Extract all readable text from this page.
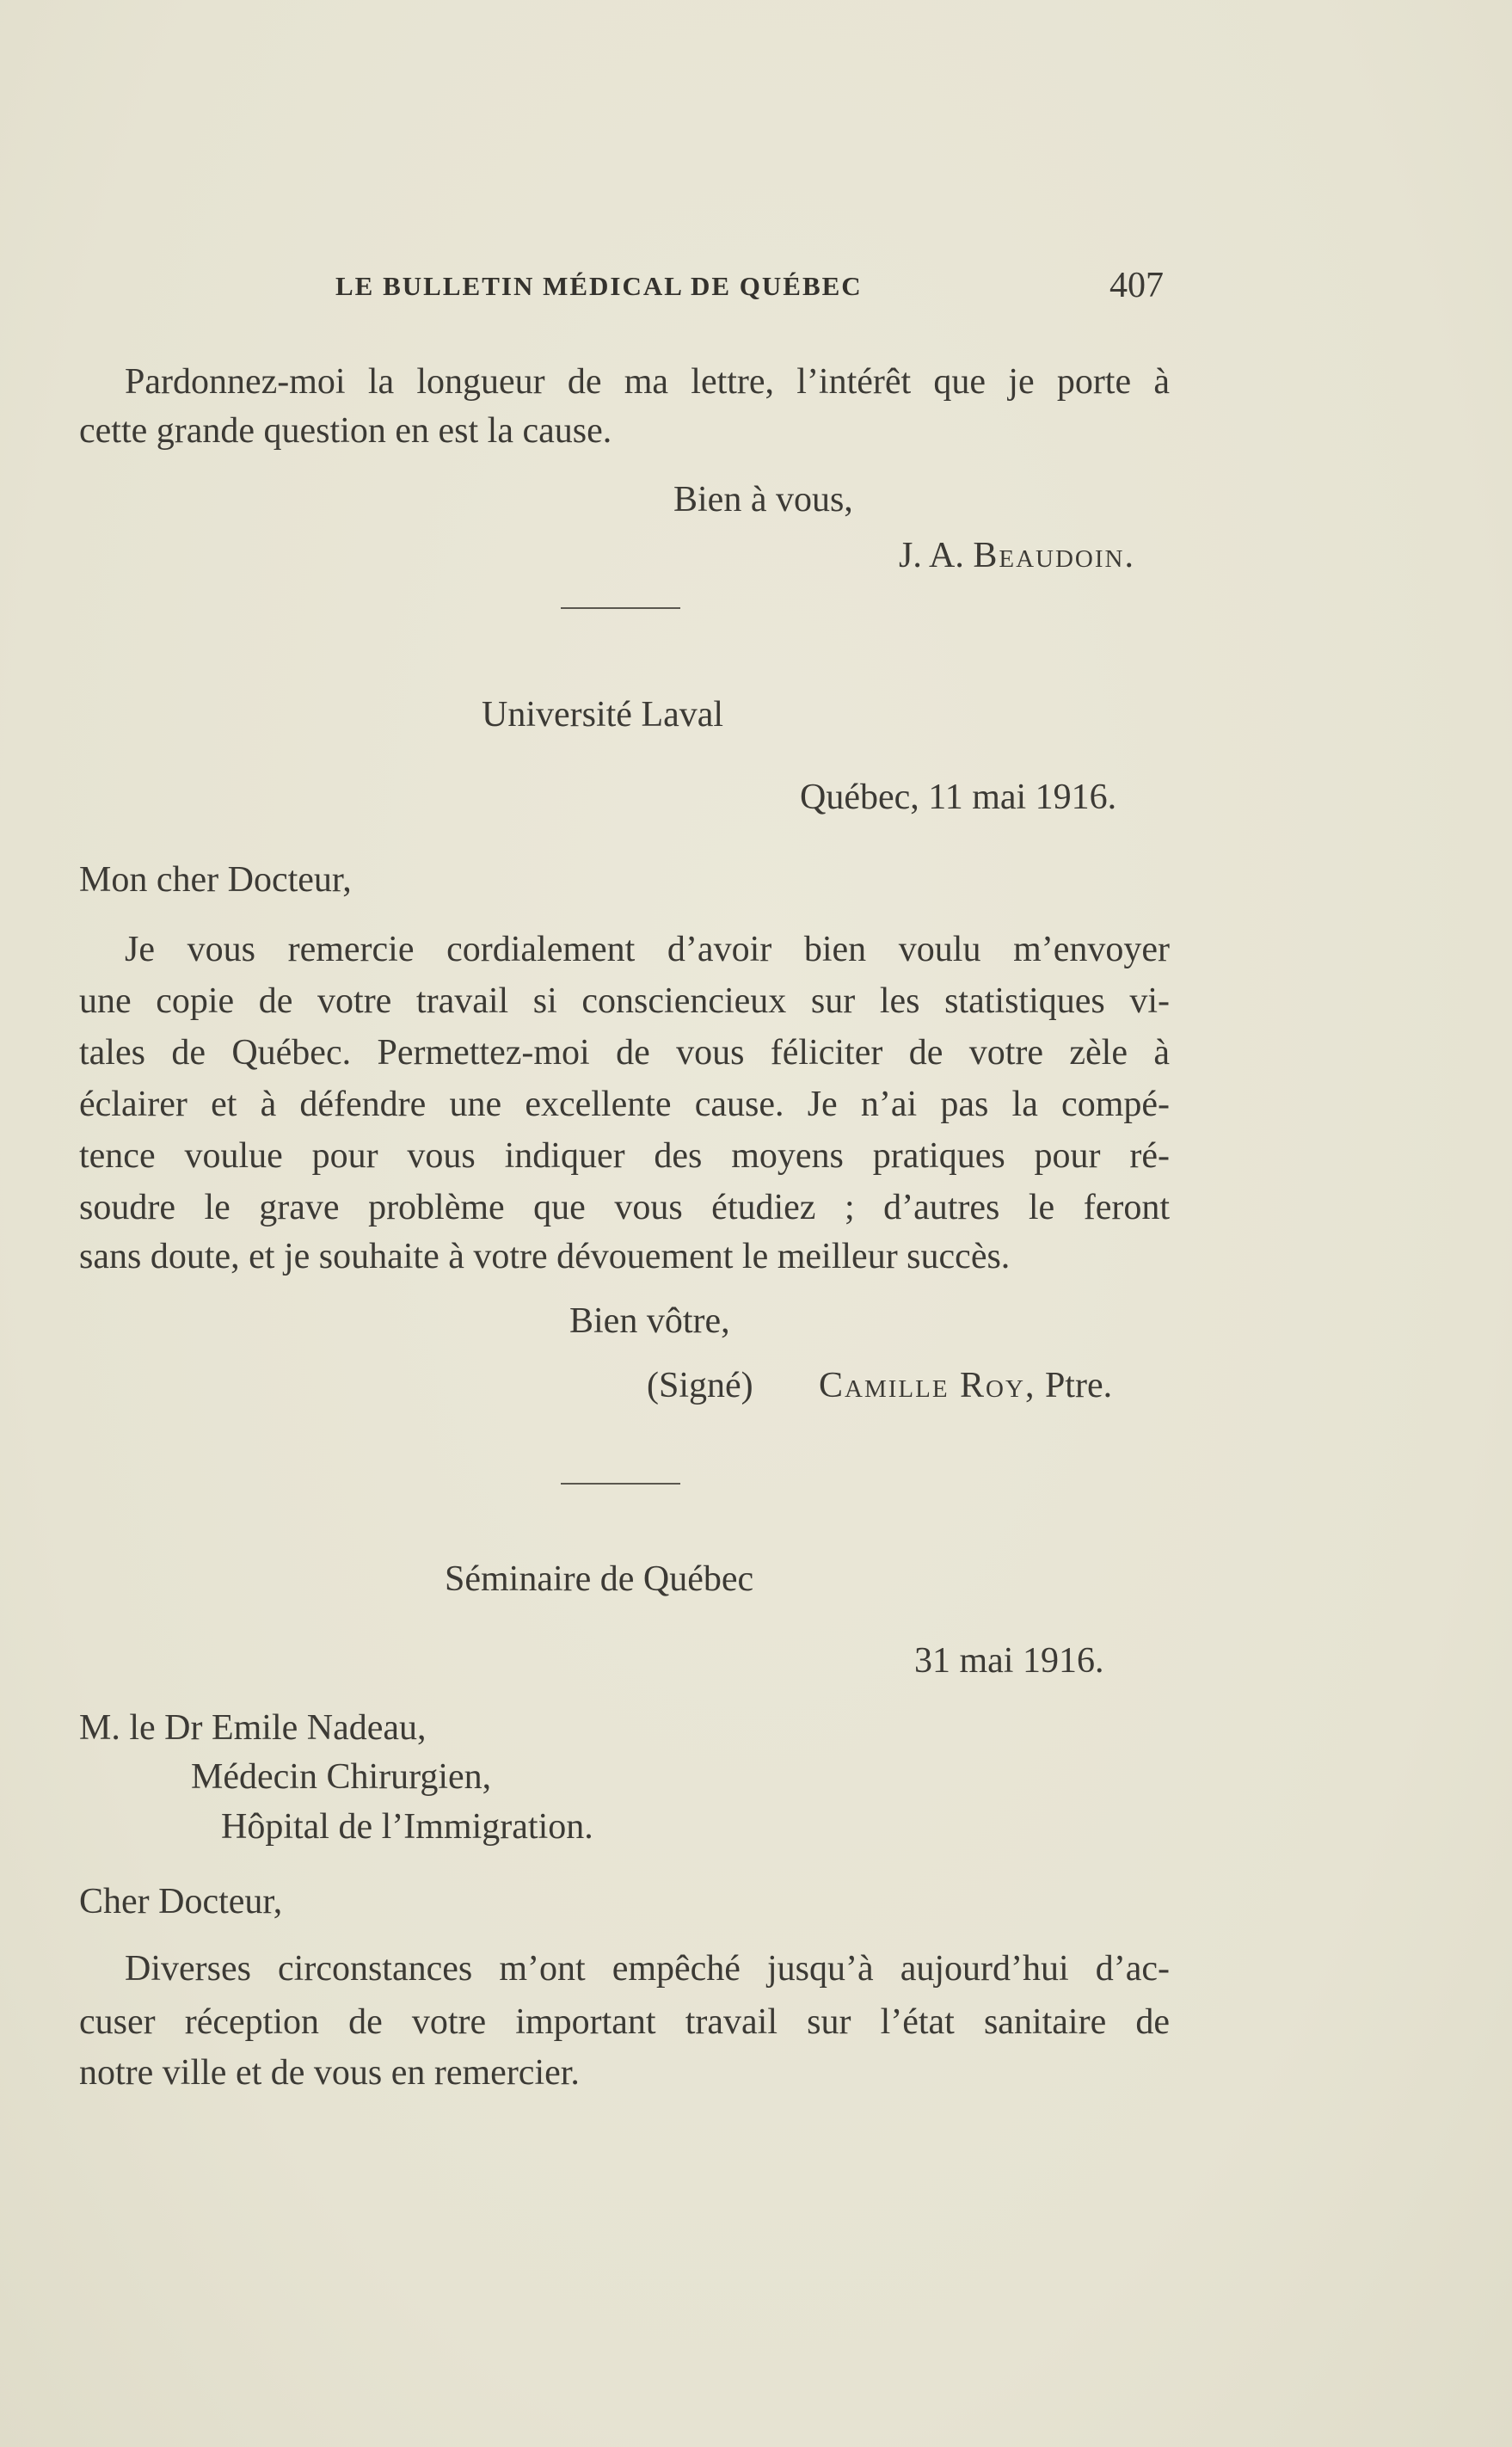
LE BULLETIN MÉDICAL DE QUÉBEC	407
Pardonnez-moi la longueur de ma lettre, l’intérêt que je porte à
cette grande question en est la cause.
Bien à vous,
J. A. Beaudoin.
Université Laval
Québec, 11 mai 1916.
Mon cher Docteur,
Je vous remercie cordialement d’avoir bien voulu m’envoyer
une copie de votre travail si consciencieux sur les statistiques vi-
tales de Québec. Permettez-moi de vous féliciter de votre zèle à
éclairer et à défendre une excellente cause. Je n’ai pas la compé-
tence voulue pour vous indiquer des moyens pratiques pour ré-
soudre le grave problème que vous étudiez ; d’autres le feront
sans doute, et je souhaite à votre dévouement le meilleur succès.
Bien vôtre,
(Signé) Camille Roy, Ptre.
Séminaire de Québec
31 mai 1916.
M. le Dr Emile Nadeau,
Médecin Chirurgien,
Hôpital de l’Immigration.
Cher Docteur,
Diverses circonstances m’ont empêché jusqu’à aujourd’hui d’ac-
cuser réception de votre important travail sur l’état sanitaire de
notre ville et de vous en remercier.
